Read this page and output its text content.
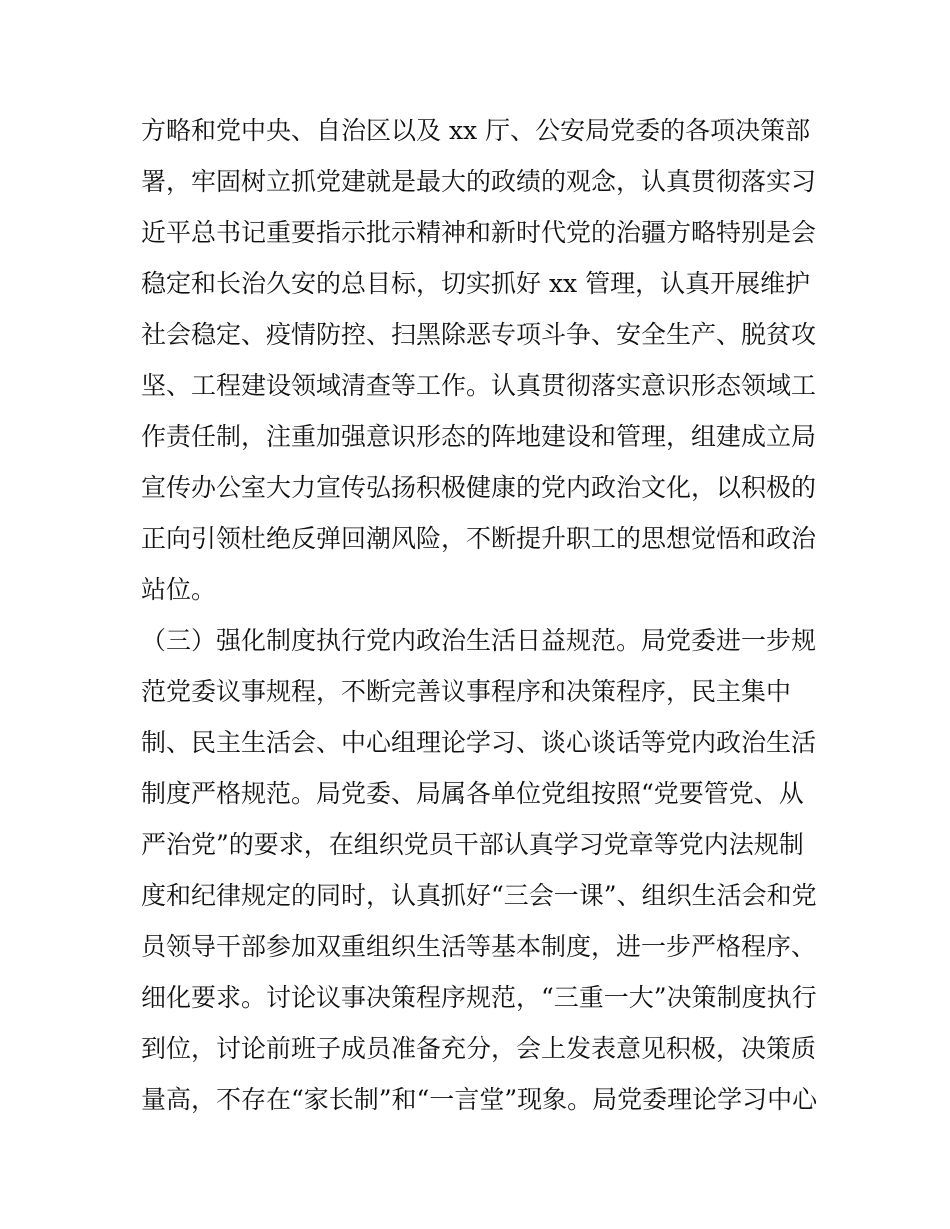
方略和党中央、自治区以及 xx 厅、公安局党委的各项决策部
署，牢固树立抓党建就是最大的政绩的观念，认真贯彻落实习
近平总书记重要指示批示精神和新时代党的治疆方略特别是会
稳定和长治久安的总目标，切实抓好 xx 管理，认真开展维护
社会稳定、疫情防控、扫黑除恶专项斗争、安全生产、脱贫攻
坚、工程建设领域清查等工作。认真贯彻落实意识形态领域工
作责任制，注重加强意识形态的阵地建设和管理，组建成立局
宣传办公室大力宣传弘扬积极健康的党内政治文化，以积极的
正向引领杜绝反弹回潮风险，不断提升职工的思想觉悟和政治
站位。
（三）强化制度执行党内政治生活日益规范。局党委进一步规
范党委议事规程，不断完善议事程序和决策程序，民主集中
制、民主生活会、中心组理论学习、谈心谈话等党内政治生活
制度严格规范。局党委、局属各单位党组按照“党要管党、从
严治党”的要求，在组织党员干部认真学习党章等党内法规制
度和纪律规定的同时，认真抓好“三会一课”、组织生活会和党
员领导干部参加双重组织生活等基本制度，进一步严格程序、
细化要求。讨论议事决策程序规范，“三重一大”决策制度执行
到位，讨论前班子成员准备充分，会上发表意见积极，决策质
量高，不存在“家长制”和“一言堂”现象。局党委理论学习中心
